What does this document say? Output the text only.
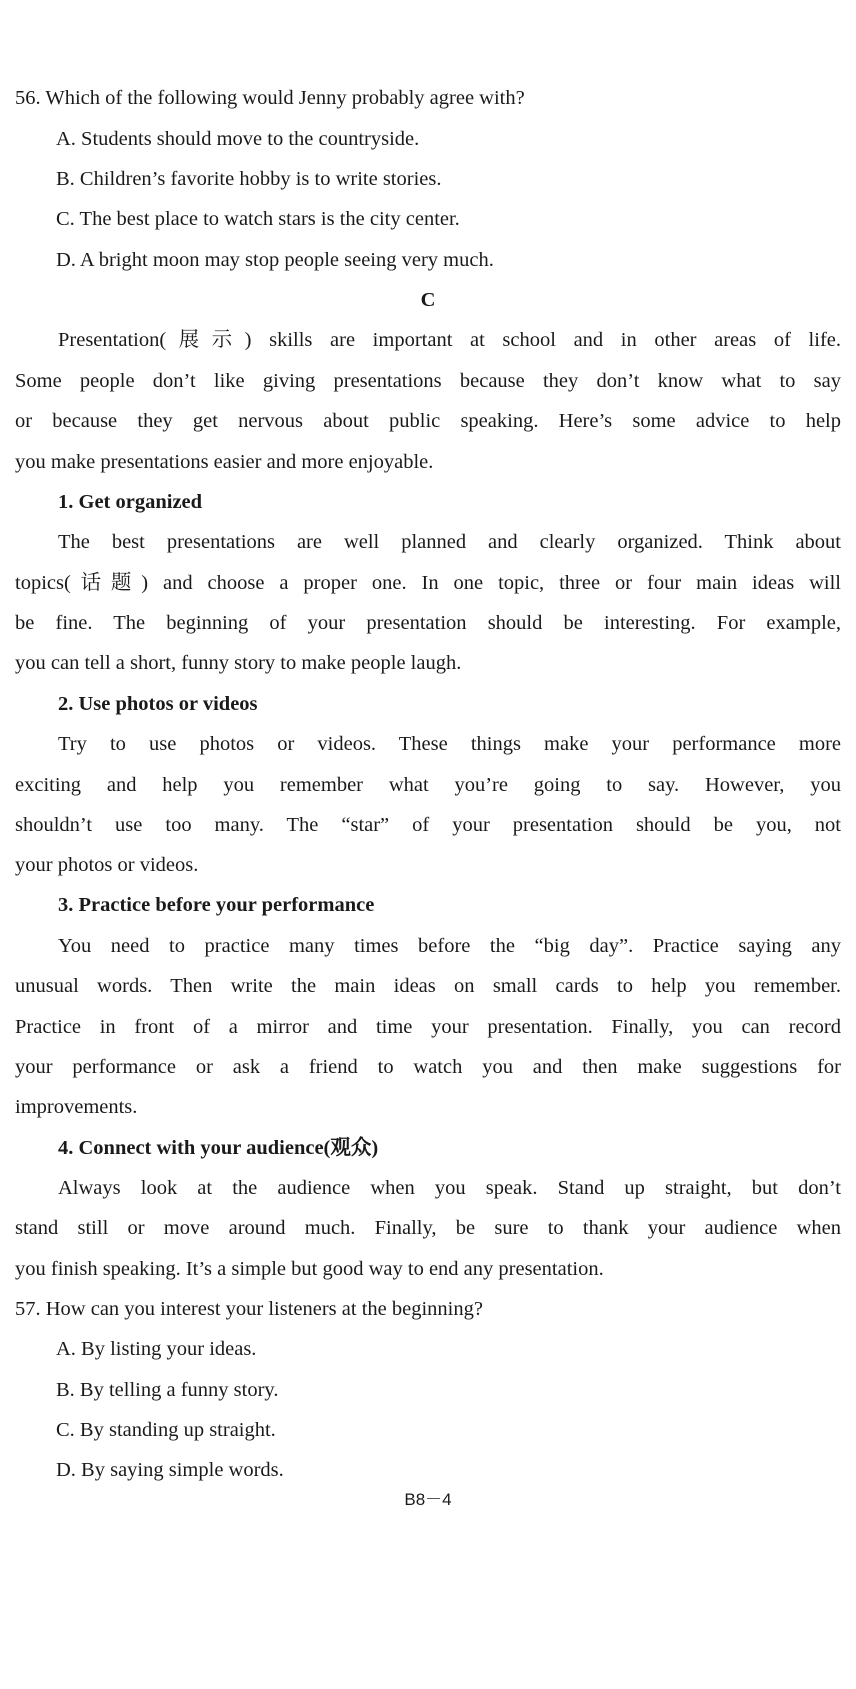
56. Which of the following would Jenny probably agree with?
A. Students should move to the countryside.
B. Children’s favorite hobby is to write stories.
C. The best place to watch stars is the city center.
D. A bright moon may stop people seeing very much.
C
Presentation(展示) skills are important at school and in other areas of life.
Some people don’t like giving presentations because they don’t know what to say
or because they get nervous about public speaking. Here’s some advice to help
you make presentations easier and more enjoyable.
1. Get organized
The best presentations are well planned and clearly organized. Think about
topics(话题) and choose a proper one. In one topic, three or four main ideas will
be fine. The beginning of your presentation should be interesting. For example,
you can tell a short, funny story to make people laugh.
2. Use photos or videos
Try to use photos or videos. These things make your performance more
exciting and help you remember what you’re going to say. However, you
shouldn’t use too many. The “star” of your presentation should be you, not
your photos or videos.
3. Practice before your performance
You need to practice many times before the “big day”. Practice saying any
unusual words. Then write the main ideas on small cards to help you remember.
Practice in front of a mirror and time your presentation. Finally, you can record
your performance or ask a friend to watch you and then make suggestions for
improvements.
4. Connect with your audience(观众)
Always look at the audience when you speak. Stand up straight, but don’t
stand still or move around much. Finally, be sure to thank your audience when
you finish speaking. It’s a simple but good way to end any presentation.
57. How can you interest your listeners at the beginning?
A. By listing your ideas.
B. By telling a funny story.
C. By standing up straight.
D. By saying simple words.
B8－4
